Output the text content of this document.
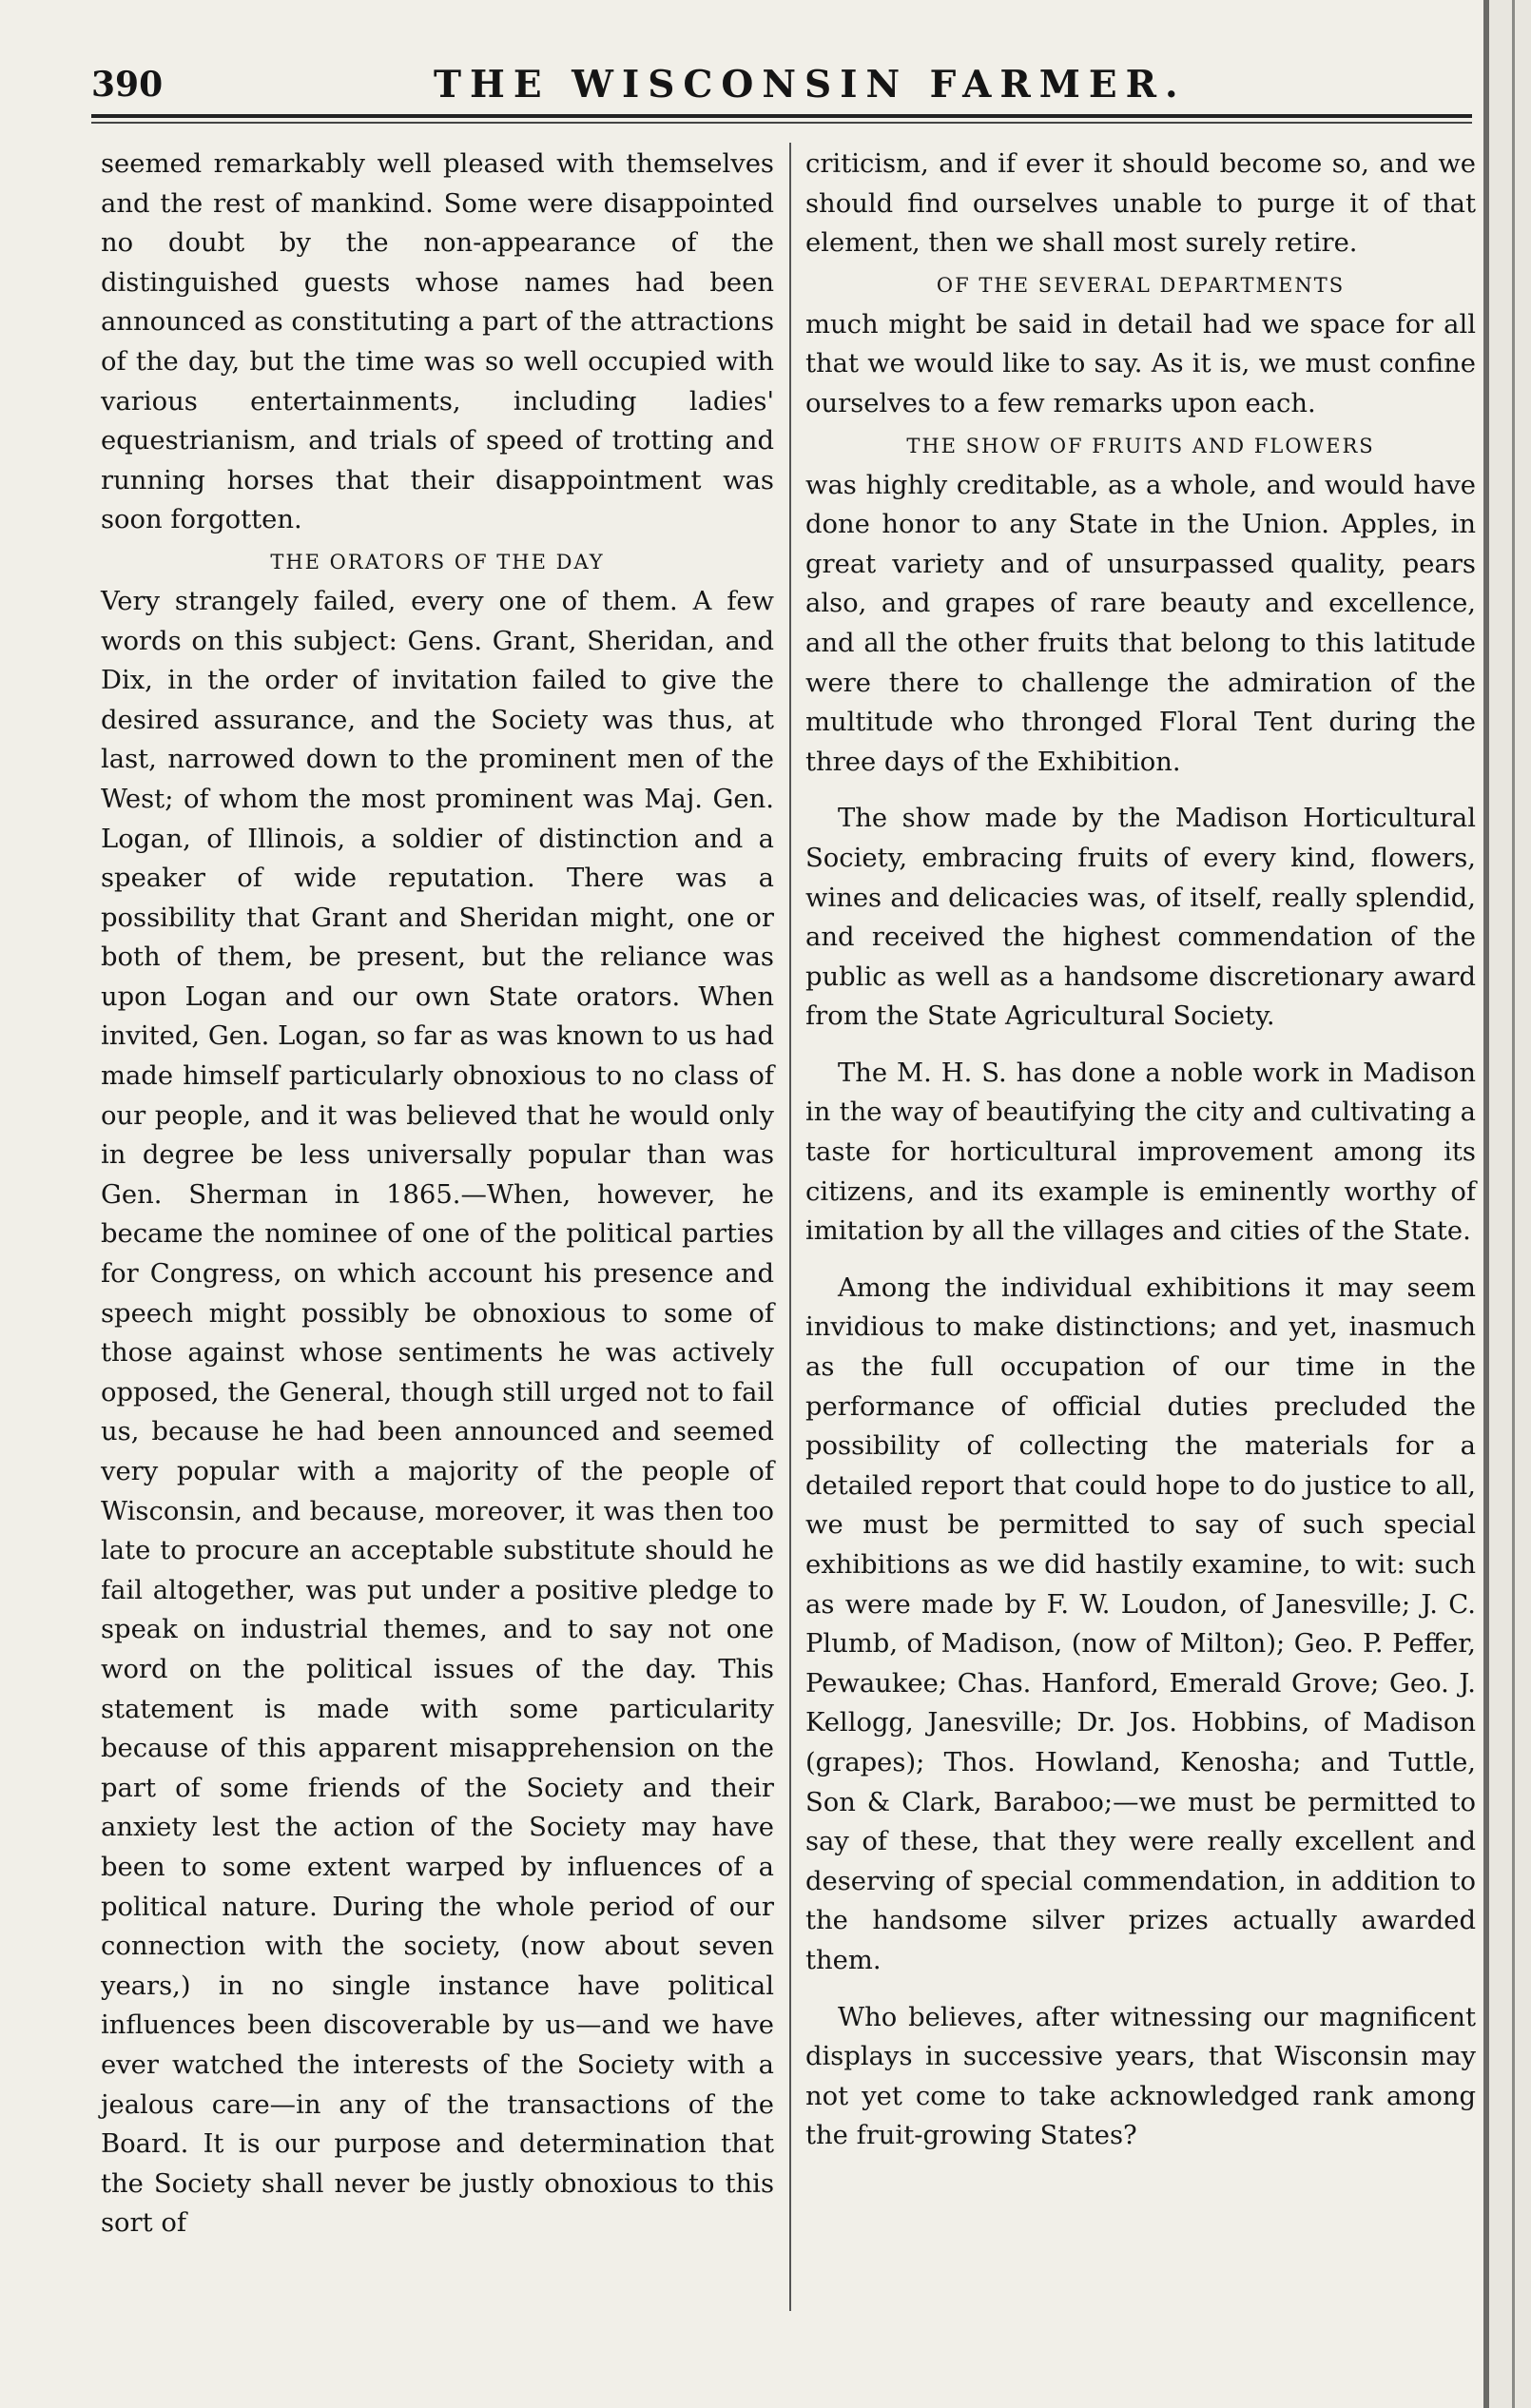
390	THE WISCONSIN FARMER.

seemed remarkably well pleased with themselves and the rest of mankind. Some were disappointed no doubt by the non-appearance of the distinguished guests whose names had been announced as constituting a part of the attractions of the day, but the time was so well occupied with various entertainments, including ladies' equestrianism, and trials of speed of trotting and running horses that their disappointment was soon forgotten.

THE ORATORS OF THE DAY

Very strangely failed, every one of them. A few words on this subject: Gens. Grant, Sheridan, and Dix, in the order of invitation failed to give the desired assurance, and the Society was thus, at last, narrowed down to the prominent men of the West; of whom the most prominent was Maj. Gen. Logan, of Illinois, a soldier of distinction and a speaker of wide reputation. There was a possibility that Grant and Sheridan might, one or both of them, be present, but the reliance was upon Logan and our own State orators. When invited, Gen. Logan, so far as was known to us had made himself particularly obnoxious to no class of our people, and it was believed that he would only in degree be less universally popular than was Gen. Sherman in 1865.—When, however, he became the nominee of one of the political parties for Congress, on which account his presence and speech might possibly be obnoxious to some of those against whose sentiments he was actively opposed, the General, though still urged not to fail us, because he had been announced and seemed very popular with a majority of the people of Wisconsin, and because, moreover, it was then too late to procure an acceptable substitute should he fail altogether, was put under a positive pledge to speak on industrial themes, and to say not one word on the political issues of the day. This statement is made with some particularity because of this apparent misapprehension on the part of some friends of the Society and their anxiety lest the action of the Society may have been to some extent warped by influences of a political nature. During the whole period of our connection with the society, (now about seven years,) in no single instance have political influences been discoverable by us—and we have ever watched the interests of the Society with a jealous care—in any of the transactions of the Board. It is our purpose and determination that the Society shall never be justly obnoxious to this sort of

criticism, and if ever it should become so, and we should find ourselves unable to purge it of that element, then we shall most surely retire.

OF THE SEVERAL DEPARTMENTS

much might be said in detail had we space for all that we would like to say. As it is, we must confine ourselves to a few remarks upon each.

THE SHOW OF FRUITS AND FLOWERS

was highly creditable, as a whole, and would have done honor to any State in the Union. Apples, in great variety and of unsurpassed quality, pears also, and grapes of rare beauty and excellence, and all the other fruits that belong to this latitude were there to challenge the admiration of the multitude who thronged Floral Tent during the three days of the Exhibition.

The show made by the Madison Horticultural Society, embracing fruits of every kind, flowers, wines and delicacies was, of itself, really splendid, and received the highest commendation of the public as well as a handsome discretionary award from the State Agricultural Society.

The M. H. S. has done a noble work in Madison in the way of beautifying the city and cultivating a taste for horticultural improvement among its citizens, and its example is eminently worthy of imitation by all the villages and cities of the State.

Among the individual exhibitions it may seem invidious to make distinctions; and yet, inasmuch as the full occupation of our time in the performance of official duties precluded the possibility of collecting the materials for a detailed report that could hope to do justice to all, we must be permitted to say of such special exhibitions as we did hastily examine, to wit: such as were made by F. W. Loudon, of Janesville; J. C. Plumb, of Madison, (now of Milton); Geo. P. Peffer, Pewaukee; Chas. Hanford, Emerald Grove; Geo. J. Kellogg, Janesville; Dr. Jos. Hobbins, of Madison (grapes); Thos. Howland, Kenosha; and Tuttle, Son & Clark, Baraboo;—we must be permitted to say of these, that they were really excellent and deserving of special commendation, in addition to the handsome silver prizes actually awarded them.

Who believes, after witnessing our magnificent displays in successive years, that Wisconsin may not yet come to take acknowledged rank among the fruit-growing States?
